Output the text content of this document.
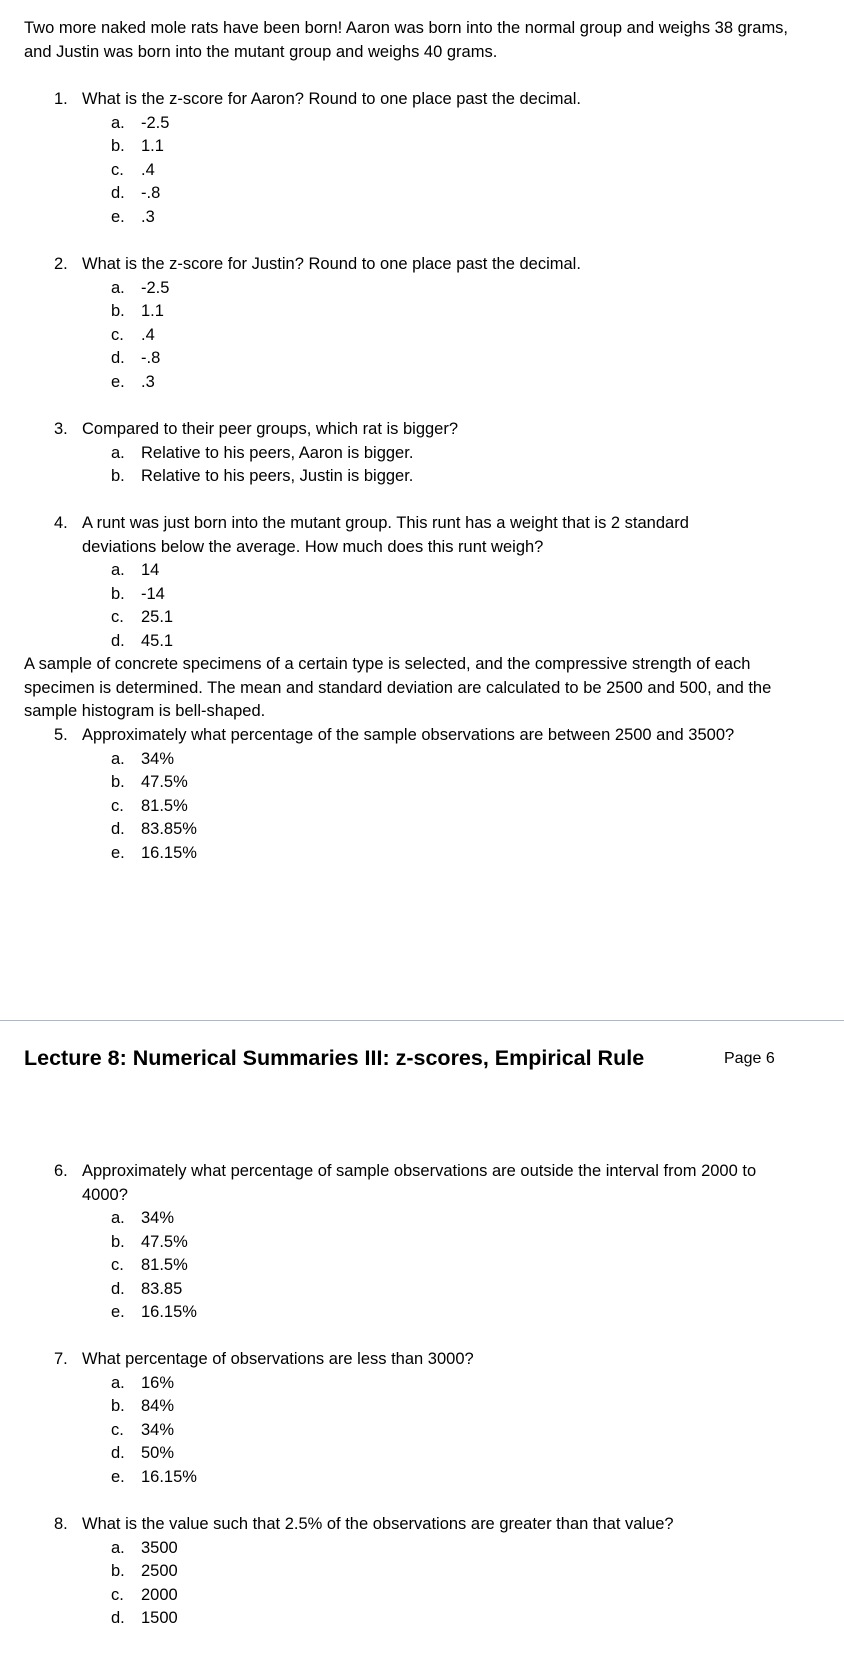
Two more naked mole rats have been born! Aaron was born into the normal group and weighs 38 grams, and Justin was born into the mutant group and weighs 40 grams.

1. What is the z-score for Aaron? Round to one place past the decimal.
a. -2.5
b. 1.1
c.	.4
d. -.8
e. .3
2. What is the z-score for Justin? Round to one place past the decimal.
a. -2.5
b. 1.1
c.	.4
d. -.8
e. .3
3. Compared to their peer groups, which rat is bigger?
a. Relative to his peers, Aaron is bigger.
b. Relative to his peers, Justin is bigger.
4. A runt was just born into the mutant group. This runt has a weight that is 2 standard deviations below the average. How much does this runt weigh?
a. 14
b. -14
c.	25.1
d. 45.1

A sample of concrete specimens of a certain type is selected, and the compressive strength of each specimen is determined. The mean and standard deviation are calculated to be 2500 and 500, and the sample histogram is bell-shaped.

5. Approximately what percentage of the sample observations are between 2500 and 3500?
a. 34%
b. 47.5%
c.	81.5%
d. 83.85%
e. 16.15%
Lecture 8: Numerical Summaries III: z-scores, Empirical Rule	Page 6
6. Approximately what percentage of sample observations are outside the interval from 2000 to 4000?
a. 34%
b. 47.5%
c.	81.5%
d. 83.85
e. 16.15%
7. What percentage of observations are less than 3000?
a. 16%
b. 84%
c.	34%
d. 50%
e. 16.15%
8. What is the value such that 2.5% of the observations are greater than that value?
a. 3500
b. 2500
c.	2000
d. 1500
